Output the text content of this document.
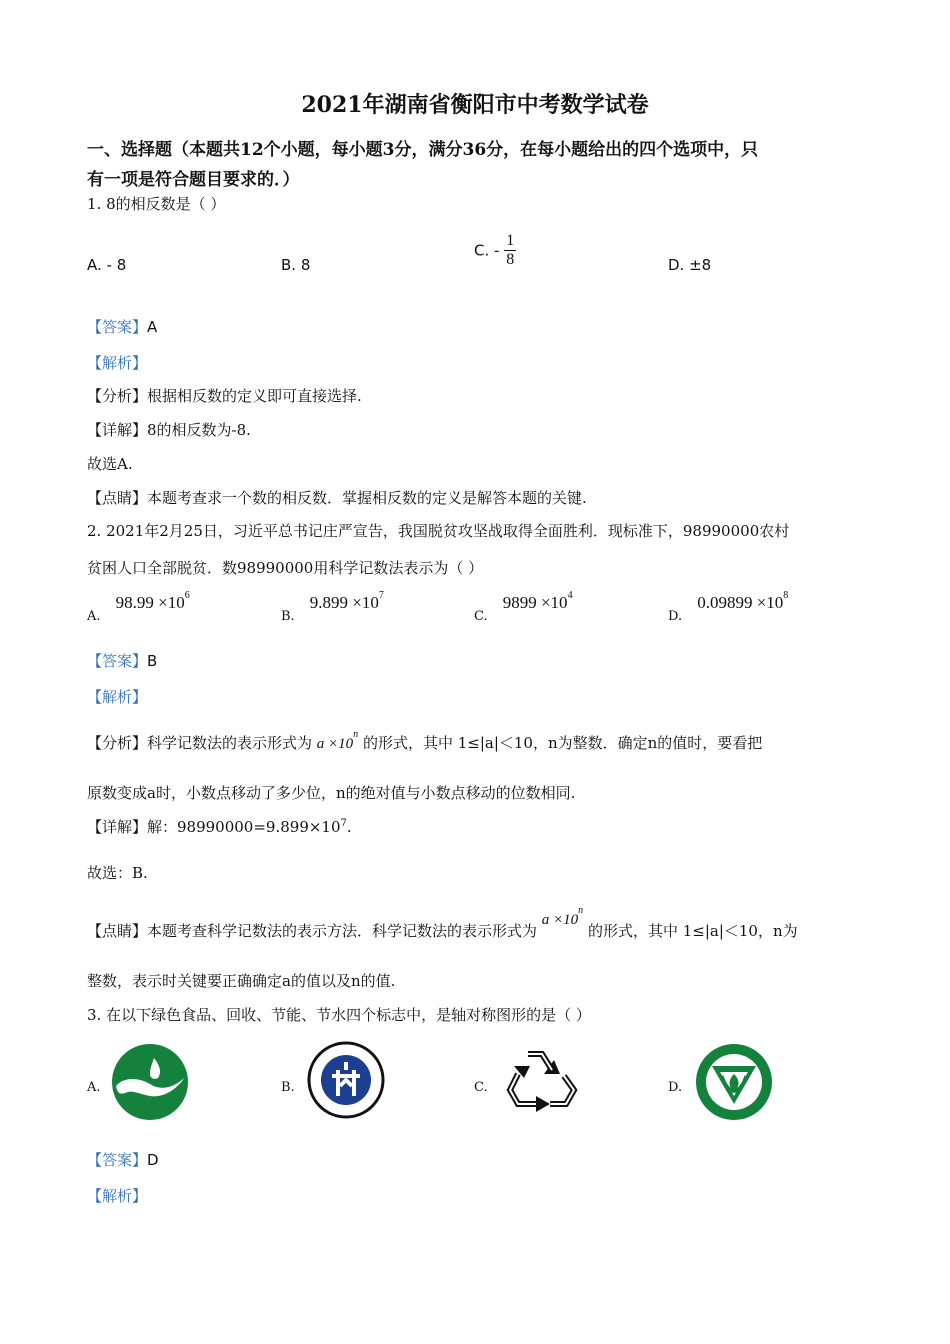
2021年湖南省衡阳市中考数学试卷
一、选择题（本题共12个小题，每小题3分，满分36分，在每小题给出的四个选项中，只
有一项是符合题目要求的．）
1. 8的相反数是（ ）
A. - 8	B. 8
C. - $\frac{1}{8}$	D. ±8
【答案】A
【解析】
【分析】根据相反数的定义即可直接选择.
【详解】8的相反数为-8.
故选A.
【点睛】本题考查求一个数的相反数．掌握相反数的定义是解答本题的关键.
2. 2021年2月25日，习近平总书记庄严宣告，我国脱贫攻坚战取得全面胜利．现标准下，98990000农村
贫困人口全部脱贫．数98990000用科学记数法表示为（ ）
$_{A.}$ $98.99 \times 10^6$
$_{B.}$ $9.899 \times 10^7$
$_{C.}$ $9899 \times 10^4$
$_{D.}$ $0.09899 \times 10^8$
【答案】B
【解析】
【分析】科学记数法的表示形式为 $a \times 10^n$ 的形式，其中 1≤|a|＜10，n为整数．确定n的值时，要看把
原数变成a时，小数点移动了多少位，n的绝对值与小数点移动的位数相同.
【详解】解：$98990000=9.899\times 10^7$.
故选：B.
【点睛】本题考查科学记数法的表示方法．科学记数法的表示形式为 $a \times 10^n$ 的形式，其中 1≤|a|＜10，n为
整数，表示时关键要正确确定a的值以及n的值.
3. 在以下绿色食品、回收、节能、节水四个标志中，是轴对称图形的是（ ）
A.	B.	C.	D.
【答案】D
【解析】
